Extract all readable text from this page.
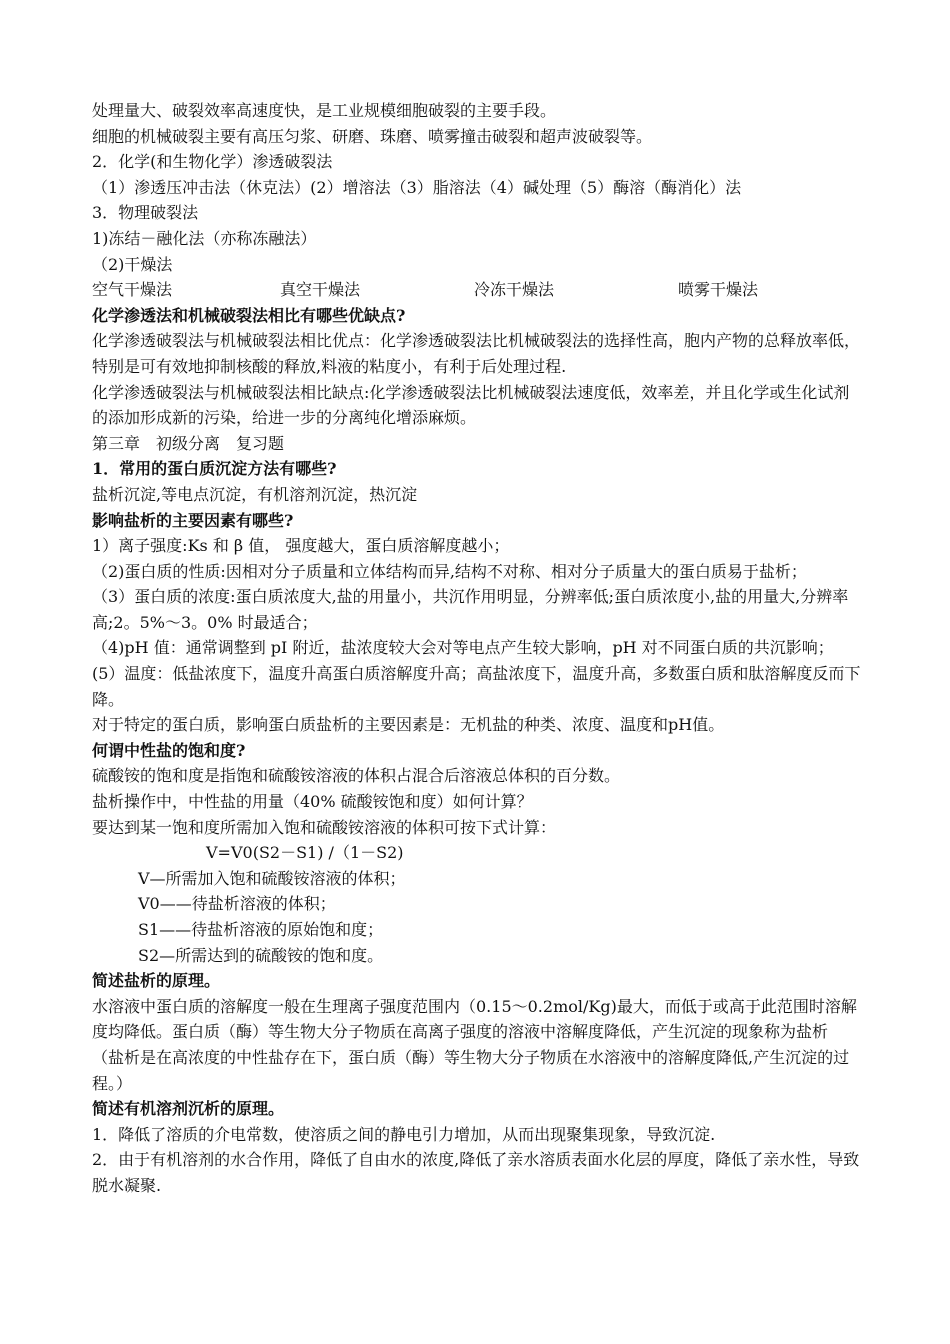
处理量大、破裂效率高速度快，是工业规模细胞破裂的主要手段。
细胞的机械破裂主要有高压匀浆、研磨、珠磨、喷雾撞击破裂和超声波破裂等。
2．化学(和生物化学）渗透破裂法
（1）渗透压冲击法（休克法）(2）增溶法（3）脂溶法（4）碱处理（5）酶溶（酶消化）法
3．物理破裂法
1)冻结－融化法（亦称冻融法）
（2)干燥法
空气干燥法	真空干燥法	冷冻干燥法	喷雾干燥法
化学渗透法和机械破裂法相比有哪些优缺点?
化学渗透破裂法与机械破裂法相比优点：化学渗透破裂法比机械破裂法的选择性高，胞内产物的总释放率低，特别是可有效地抑制核酸的释放,料液的粘度小，有利于后处理过程.
化学渗透破裂法与机械破裂法相比缺点:化学渗透破裂法比机械破裂法速度低，效率差，并且化学或生化试剂的添加形成新的污染，给进一步的分离纯化增添麻烦。
第三章　初级分离　复习题
1．常用的蛋白质沉淀方法有哪些?
盐析沉淀,等电点沉淀，有机溶剂沉淀，热沉淀
影响盐析的主要因素有哪些?
1）离子强度:Ks 和 β 值， 强度越大，蛋白质溶解度越小；
（2)蛋白质的性质:因相对分子质量和立体结构而异,结构不对称、相对分子质量大的蛋白质易于盐析；
（3）蛋白质的浓度:蛋白质浓度大,盐的用量小，共沉作用明显，分辨率低;蛋白质浓度小,盐的用量大,分辨率高;2。5%～3。0% 时最适合；
（4)pH 值：通常调整到 pI 附近，盐浓度较大会对等电点产生较大影响，pH 对不同蛋白质的共沉影响；
(5）温度：低盐浓度下，温度升高蛋白质溶解度升高；高盐浓度下，温度升高，多数蛋白质和肽溶解度反而下降。
对于特定的蛋白质，影响蛋白质盐析的主要因素是：无机盐的种类、浓度、温度和pH值。
何谓中性盐的饱和度?
硫酸铵的饱和度是指饱和硫酸铵溶液的体积占混合后溶液总体积的百分数。
盐析操作中，中性盐的用量（40% 硫酸铵饱和度）如何计算？
要达到某一饱和度所需加入饱和硫酸铵溶液的体积可按下式计算：
V=V0(S2－S1) /（1－S2)
V—所需加入饱和硫酸铵溶液的体积；
V0——待盐析溶液的体积；
S1——待盐析溶液的原始饱和度；
S2—所需达到的硫酸铵的饱和度。
简述盐析的原理。
水溶液中蛋白质的溶解度一般在生理离子强度范围内（0.15～0.2mol/Kg)最大，而低于或高于此范围时溶解度均降低。蛋白质（酶）等生物大分子物质在高离子强度的溶液中溶解度降低，产生沉淀的现象称为盐析
（盐析是在高浓度的中性盐存在下，蛋白质（酶）等生物大分子物质在水溶液中的溶解度降低,产生沉淀的过程。）
简述有机溶剂沉析的原理。
1．降低了溶质的介电常数，使溶质之间的静电引力增加，从而出现聚集现象，导致沉淀.
2．由于有机溶剂的水合作用，降低了自由水的浓度,降低了亲水溶质表面水化层的厚度，降低了亲水性，导致脱水凝聚.
